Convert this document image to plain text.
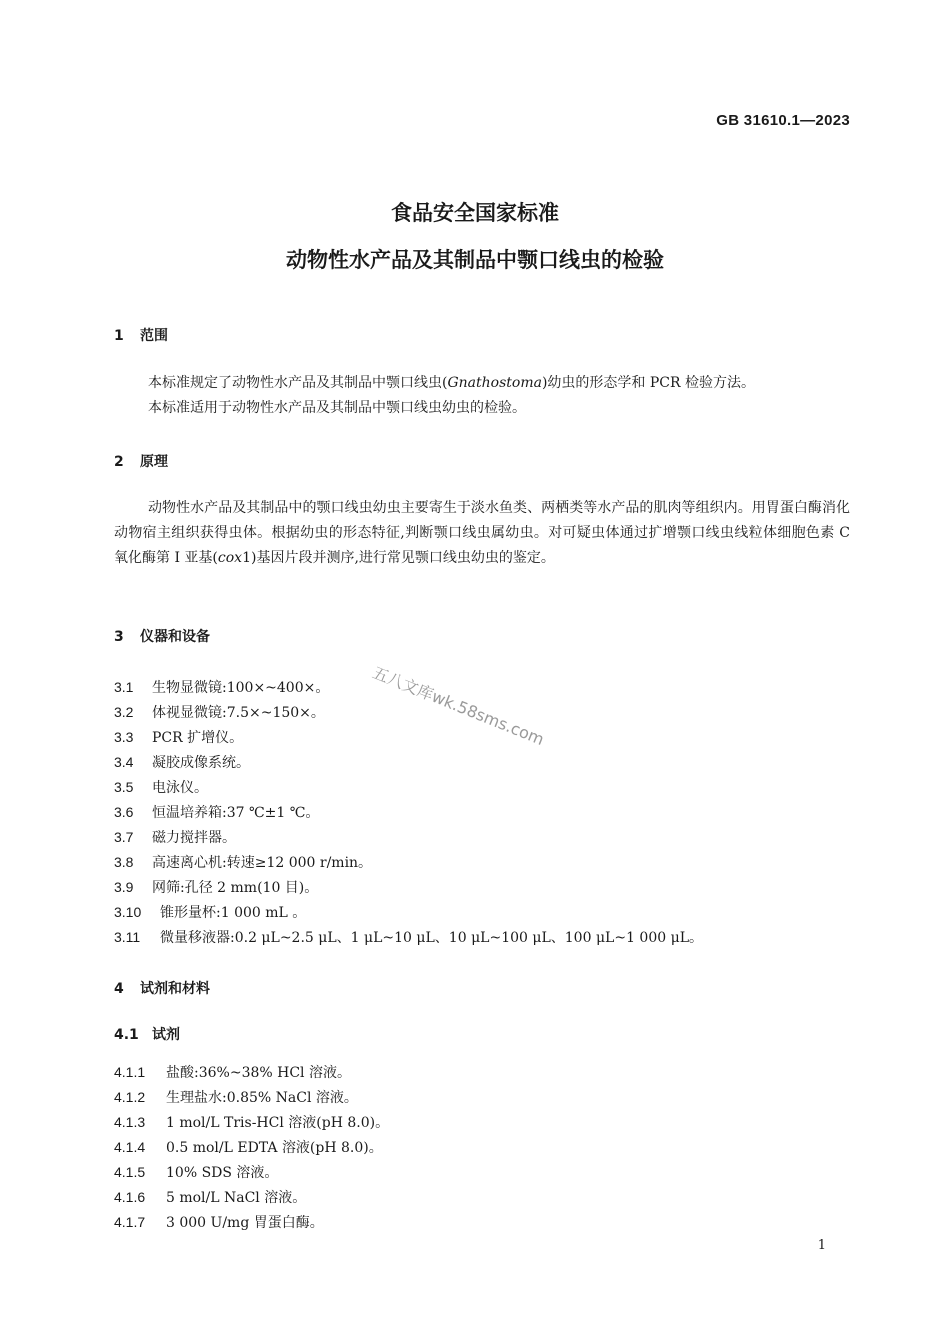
GB 31610.1—2023
食品安全国家标准
动物性水产品及其制品中颚口线虫的检验
1 范围
本标准规定了动物性水产品及其制品中颚口线虫(Gnathostoma)幼虫的形态学和 PCR 检验方法。
本标准适用于动物性水产品及其制品中颚口线虫幼虫的检验。
2 原理
动物性水产品及其制品中的颚口线虫幼虫主要寄生于淡水鱼类、两栖类等水产品的肌肉等组织内。用胃蛋白酶消化动物宿主组织获得虫体。根据幼虫的形态特征,判断颚口线虫属幼虫。对可疑虫体通过扩增颚口线虫线粒体细胞色素 C 氧化酶第 I 亚基(cox1)基因片段并测序,进行常见颚口线虫幼虫的鉴定。
3 仪器和设备
3.1 生物显微镜:100×~400×。
3.2 体视显微镜:7.5×~150×。
3.3 PCR 扩增仪。
3.4 凝胶成像系统。
3.5 电泳仪。
3.6 恒温培养箱:37 ℃±1 ℃。
3.7 磁力搅拌器。
3.8 高速离心机:转速≥12 000 r/min。
3.9 网筛:孔径 2 mm(10 目)。
3.10 锥形量杯:1 000 mL 。
3.11 微量移液器:0.2 μL~2.5 μL、1 μL~10 μL、10 μL~100 μL、100 μL~1 000 μL。
4 试剂和材料
4.1 试剂
4.1.1 盐酸:36%~38% HCl 溶液。
4.1.2 生理盐水:0.85% NaCl 溶液。
4.1.3 1 mol/L Tris-HCl 溶液(pH 8.0)。
4.1.4 0.5 mol/L EDTA 溶液(pH 8.0)。
4.1.5 10% SDS 溶液。
4.1.6 5 mol/L NaCl 溶液。
4.1.7 3 000 U/mg 胃蛋白酶。
1
五八文库wk.58sms.com
